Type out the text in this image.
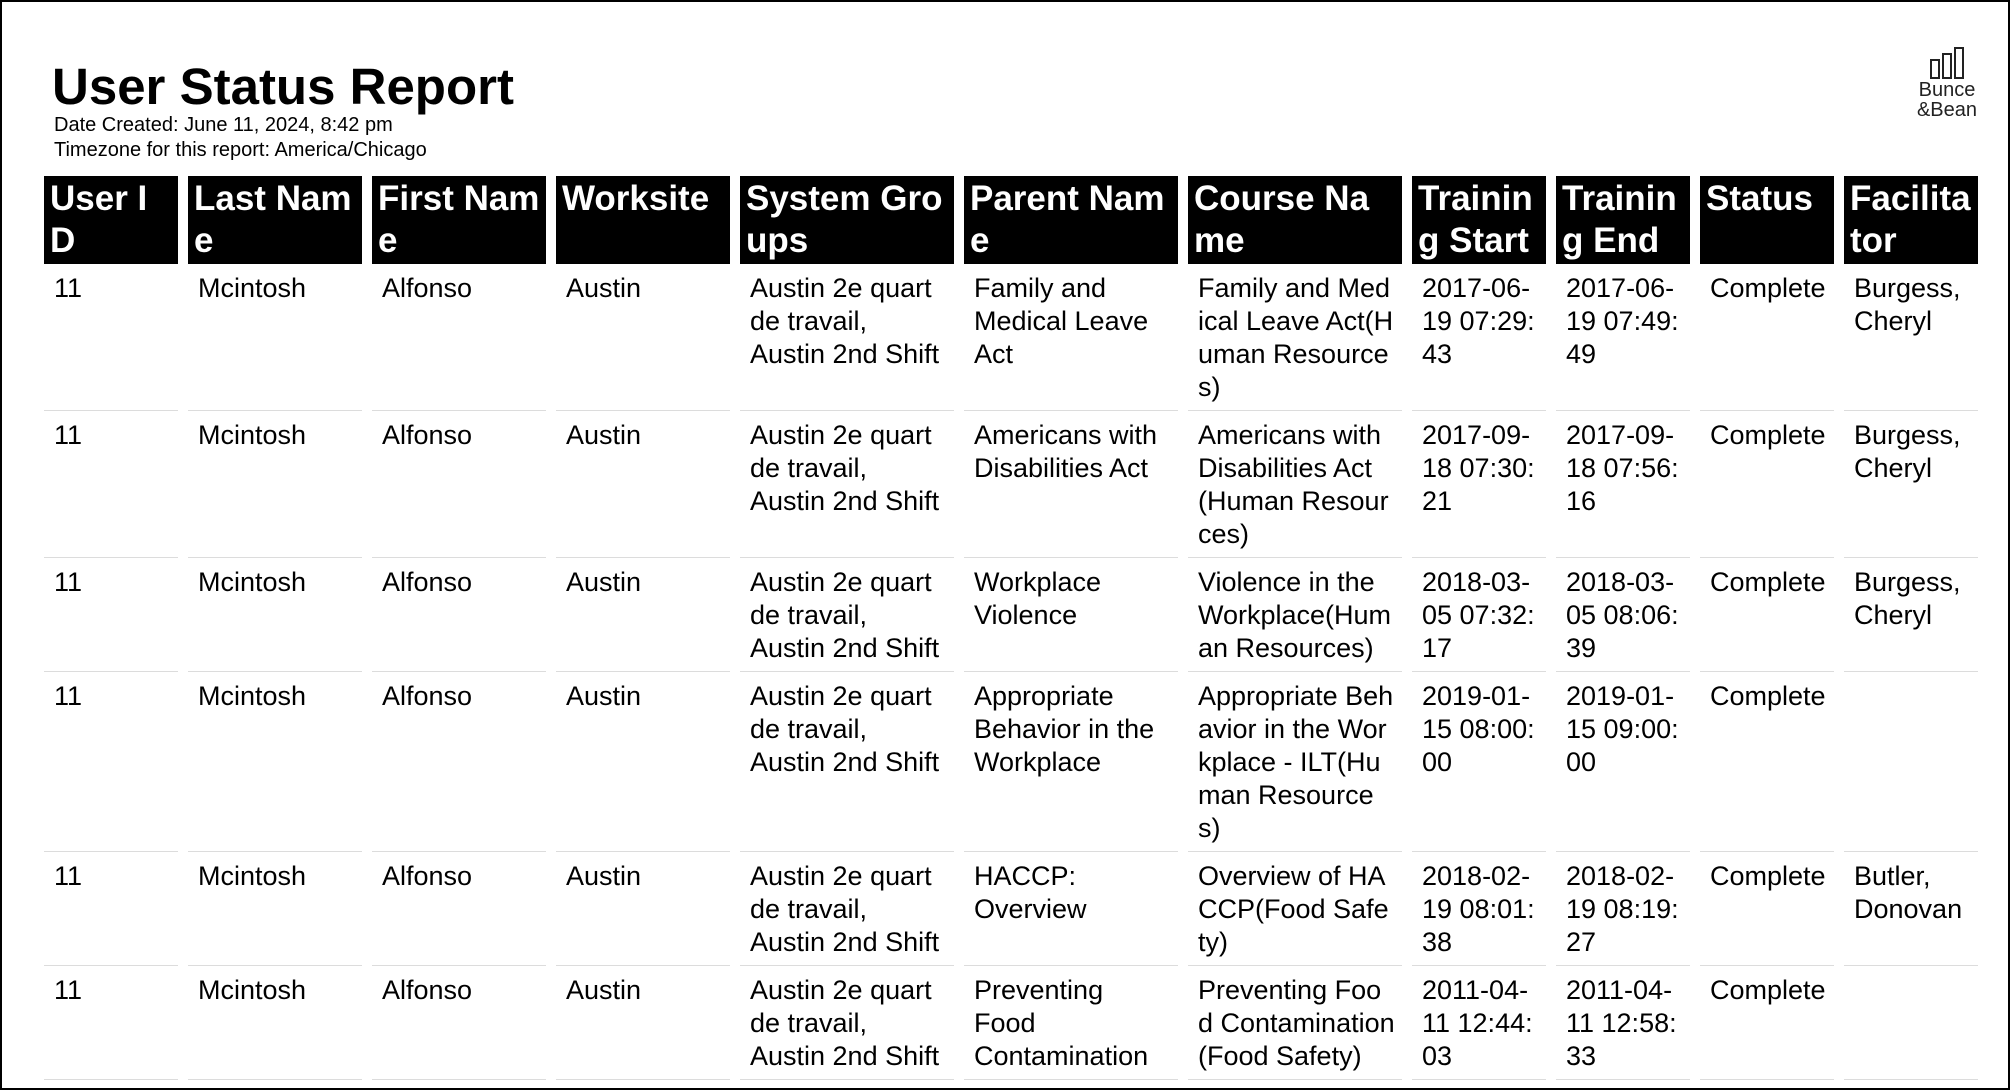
User Status Report
Date Created: June 11, 2024, 8:42 pm
Timezone for this report: America/Chicago
Bunce
&Bean
User ID	Last Name	First Name	Worksite	System Groups	Parent Name	Course Name	Training Start	Training End	Status	Facilitator
11	Mcintosh	Alfonso	Austin	Austin 2e quart de travail, Austin 2nd Shift	Family and Medical Leave Act	Family and Medical Leave Act(Human Resources)	2017-06-19 07:29:43	2017-06-19 07:49:49	Complete	Burgess, Cheryl
11	Mcintosh	Alfonso	Austin	Austin 2e quart de travail, Austin 2nd Shift	Americans with Disabilities Act	Americans with Disabilities Act(Human Resources)	2017-09-18 07:30:21	2017-09-18 07:56:16	Complete	Burgess, Cheryl
11	Mcintosh	Alfonso	Austin	Austin 2e quart de travail, Austin 2nd Shift	Workplace Violence	Violence in the Workplace(Human Resources)	2018-03-05 07:32:17	2018-03-05 08:06:39	Complete	Burgess, Cheryl
11	Mcintosh	Alfonso	Austin	Austin 2e quart de travail, Austin 2nd Shift	Appropriate Behavior in the Workplace	Appropriate Behavior in the Workplace - ILT(Human Resources)	2019-01-15 08:00:00	2019-01-15 09:00:00	Complete	
11	Mcintosh	Alfonso	Austin	Austin 2e quart de travail, Austin 2nd Shift	HACCP: Overview	Overview of HACCP(Food Safety)	2018-02-19 08:01:38	2018-02-19 08:19:27	Complete	Butler, Donovan
11	Mcintosh	Alfonso	Austin	Austin 2e quart de travail, Austin 2nd Shift	Preventing Food Contamination	Preventing Food Contamination(Food Safety)	2011-04-11 12:44:03	2011-04-11 12:58:33	Complete	
